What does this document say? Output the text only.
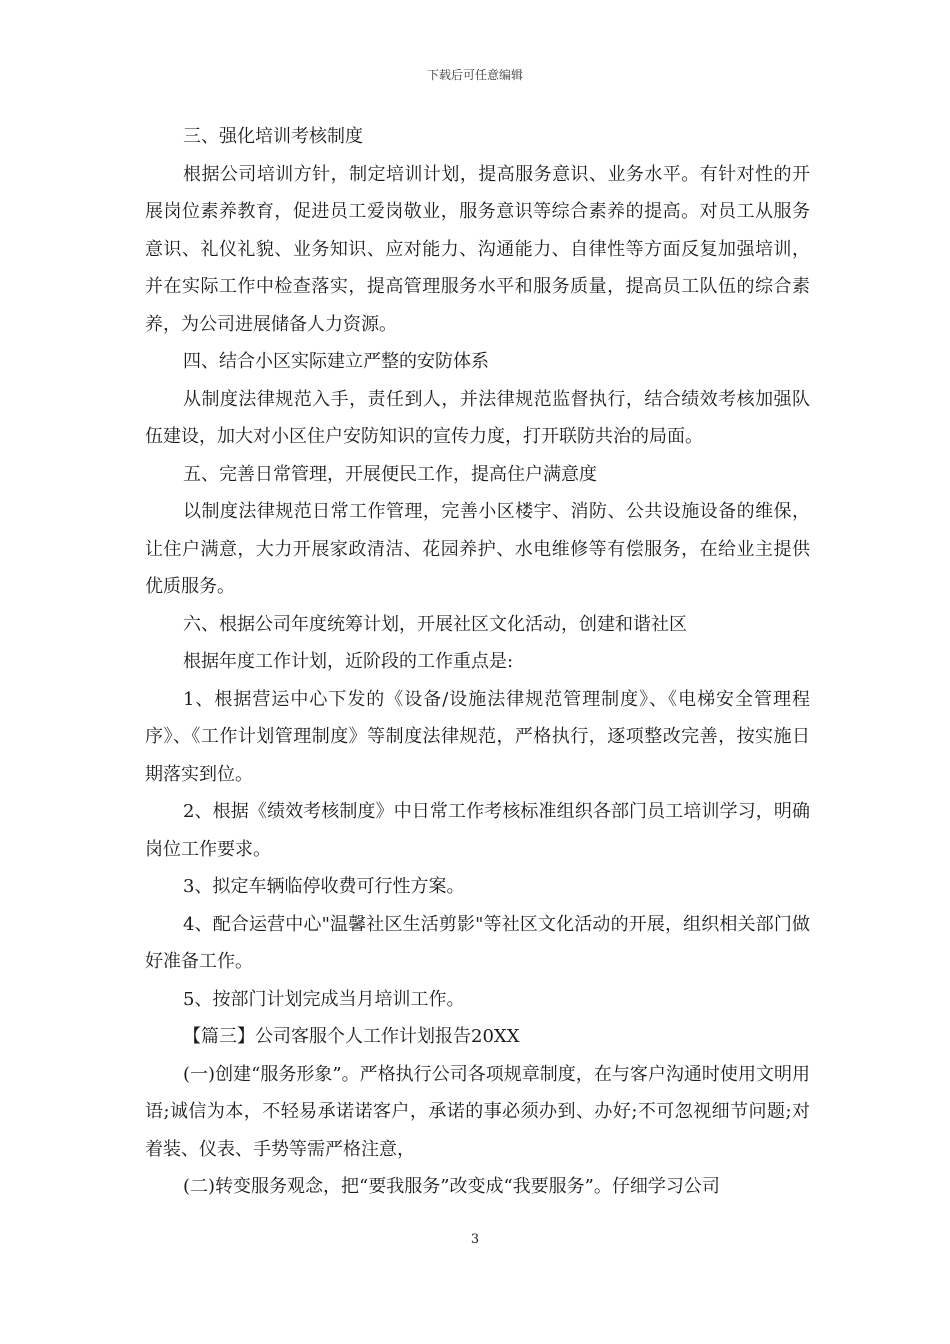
下载后可任意编辑

三、强化培训考核制度

根据公司培训方针，制定培训计划，提高服务意识、业务水平。有针对性的开展岗位素养教育，促进员工爱岗敬业，服务意识等综合素养的提高。对员工从服务意识、礼仪礼貌、业务知识、应对能力、沟通能力、自律性等方面反复加强培训，并在实际工作中检查落实，提高管理服务水平和服务质量，提高员工队伍的综合素养，为公司进展储备人力资源。

四、结合小区实际建立严整的安防体系

从制度法律规范入手，责任到人，并法律规范监督执行，结合绩效考核加强队伍建设，加大对小区住户安防知识的宣传力度，打开联防共治的局面。

五、完善日常管理，开展便民工作，提高住户满意度

以制度法律规范日常工作管理，完善小区楼宇、消防、公共设施设备的维保，让住户满意，大力开展家政清洁、花园养护、水电维修等有偿服务，在给业主提供优质服务。

六、根据公司年度统筹计划，开展社区文化活动，创建和谐社区

根据年度工作计划，近阶段的工作重点是:

1、根据营运中心下发的《设备/设施法律规范管理制度》、《电梯安全管理程序》、《工作计划管理制度》等制度法律规范，严格执行，逐项整改完善，按实施日期落实到位。

2、根据《绩效考核制度》中日常工作考核标准组织各部门员工培训学习，明确岗位工作要求。

3、拟定车辆临停收费可行性方案。

4、配合运营中心"温馨社区生活剪影"等社区文化活动的开展，组织相关部门做好准备工作。

5、按部门计划完成当月培训工作。

【篇三】公司客服个人工作计划报告20XX

(一)创建“服务形象”。严格执行公司各项规章制度，在与客户沟通时使用文明用语;诚信为本，不轻易承诺诺客户，承诺的事必须办到、办好;不可忽视细节问题;对着装、仪表、手势等需严格注意，

(二)转变服务观念，把“要我服务”改变成“我要服务”。仔细学习公司

3
